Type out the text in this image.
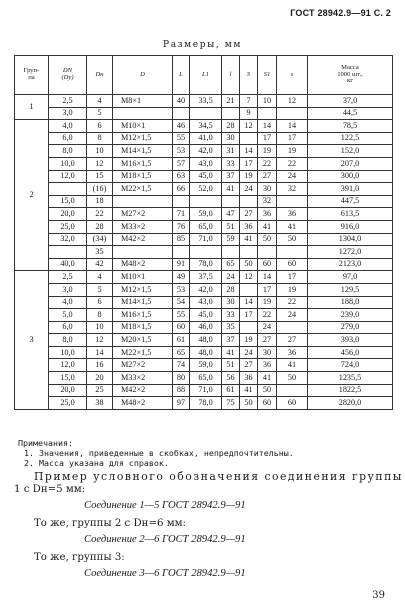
ГОСТ 28942.9—91 С. 2
Размеры, мм
Груп-
па	DN
(Dу)	Dн	D	L	L1	l	S	S1	s	Масса
1000 шт.,
кг
1	2,5	4	M8×1	40	33,5	21	7	10	12	37,0
	3,0	5					9			44,5
2	4,0	6	M10×1	46	34,5	28	12	14	14	78,5
	6,0	8	M12×1,5	55	41,0	30		17	17	122,5
	8,0	10	M14×1,5	53	42,0	31	14	19	19	152,0
	10,0	12	M16×1,5	57	43,0	33	17	22	22	207,0
	12,0	15	M18×1,5	63	45,0	37	19	27	24	300,0
		(16)	M22×1,5	66	52,0	41	24	30	32	391,0
	15,0	18						32		447,5
	20,0	22	M27×2	71	59,0	47	27	36	36	613,5
	25,0	28	M33×2	76	65,0	51	36	41	41	916,0
	32,0	(34)	M42×2	85	71,0	59	41	50	50	1304,0
		35								1272,0
	40,0	42	M48×2	91	78,0	65	50	60	60	2123,0
3	2,5	4	M10×1	49	37,5	24	12	14	17	97,0
	3,0	5	M12×1,5	53	42,0	28		17	19	129,5
	4,0	6	M14×1,5	54	43,0	30	14	19	22	188,0
	5,0	8	M16×1,5	55	45,0	33	17	22	24	239,0
	6,0	10	M18×1,5	60	46,0	35		24		279,0
	8,0	12	M20×1,5	61	48,0	37	19	27	27	393,0
	10,0	14	M22×1,5	65	48,0	41	24	30	36	456,0
	12,0	16	M27×2	74	59,0	51	27	36	41	724,0
	15,0	20	M33×2	80	65,0	56	36	41	50	1235,5
	20,0	25	M42×2	88	71,0	61	41	50		1822,5
	25,0	38	M48×2	97	78,0	75	50	60	60	2820,0
Примечания:
1. Значения, приведенные в скобках, непредпочтительны.
2. Масса указана для справок.
Пример условного обозначения соединения группы
1 с Dн=5 мм:
Соединение 1—5 ГОСТ 28942.9—91
То же, группы 2 с Dн=6 мм:
Соединение 2—6 ГОСТ 28942.9—91
То же, группы 3:
Соединение 3—6 ГОСТ 28942.9—91
39
